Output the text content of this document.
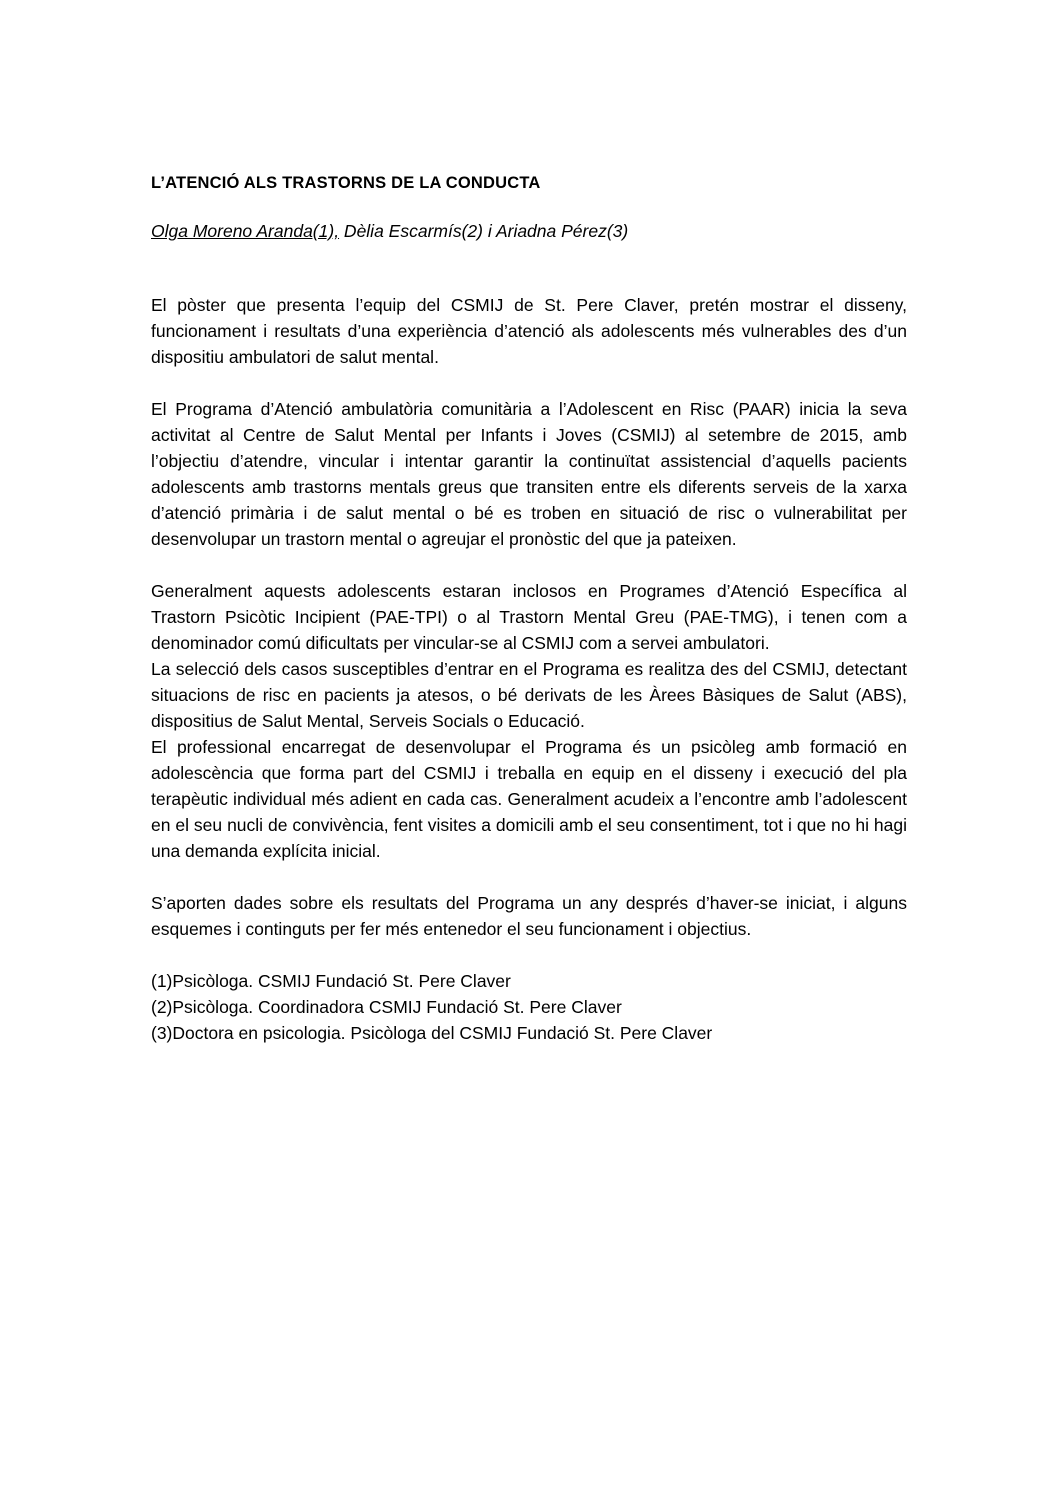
L’ATENCIÓ ALS TRASTORNS DE LA CONDUCTA
Olga Moreno Aranda(1), Dèlia Escarmís(2) i Ariadna Pérez(3)

El pòster que presenta l’equip del CSMIJ de St. Pere Claver, pretén mostrar el disseny, funcionament i resultats d’una experiència d’atenció als adolescents més vulnerables des d’un dispositiu ambulatori de salut mental.

El Programa d’Atenció ambulatòria comunitària a l’Adolescent en Risc (PAAR) inicia la seva activitat al Centre de Salut Mental per Infants i Joves (CSMIJ) al setembre de 2015, amb l’objectiu d’atendre, vincular i intentar garantir la continuïtat assistencial d’aquells pacients adolescents amb trastorns mentals greus que transiten entre els diferents serveis de la xarxa d’atenció primària i de salut mental o bé es troben en situació de risc o vulnerabilitat per desenvolupar un trastorn mental o agreujar el pronòstic del que ja pateixen.

Generalment aquests adolescents estaran inclosos en Programes d’Atenció Específica al Trastorn Psicòtic Incipient (PAE-TPI) o al Trastorn Mental Greu (PAE-TMG), i tenen com a denominador comú dificultats per vincular-se al CSMIJ com a servei ambulatori.

La selecció dels casos susceptibles d’entrar en el Programa es realitza des del CSMIJ, detectant situacions de risc en pacients ja atesos, o bé derivats de les Àrees Bàsiques de Salut (ABS), dispositius de Salut Mental, Serveis Socials o Educació.

El professional encarregat de desenvolupar el Programa és un psicòleg amb formació en adolescència que forma part del CSMIJ i treballa en equip en el disseny i execució del pla terapèutic individual més adient en cada cas. Generalment acudeix a l’encontre amb l’adolescent en el seu nucli de convivència, fent visites a domicili amb el seu consentiment, tot i que no hi hagi una demanda explícita inicial.

S’aporten dades sobre els resultats del Programa un any després d’haver-se iniciat, i alguns esquemes i continguts per fer més entenedor el seu funcionament i objectius.

(1)Psicòloga. CSMIJ Fundació St. Pere Claver

(2)Psicòloga. Coordinadora CSMIJ Fundació St. Pere Claver

(3)Doctora en psicologia. Psicòloga del CSMIJ Fundació St. Pere Claver
